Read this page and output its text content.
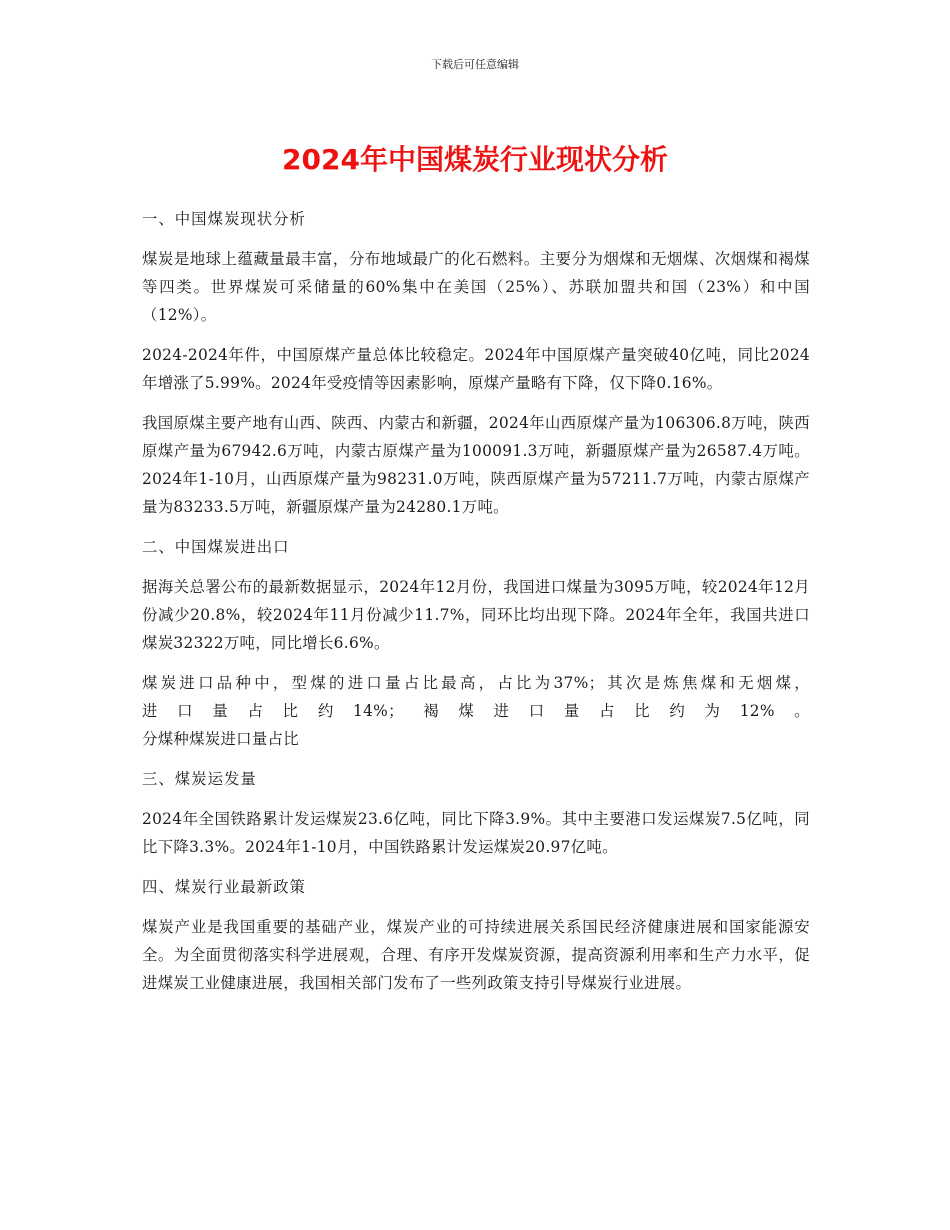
下载后可任意编辑
2024年中国煤炭行业现状分析
一、中国煤炭现状分析
煤炭是地球上蕴藏量最丰富，分布地域最广的化石燃料。主要分为烟煤和无烟煤、次烟煤和褐煤等四类。世界煤炭可采储量的60%集中在美国（25%）、苏联加盟共和国（23%）和中国（12%）。
2024-2024年件，中国原煤产量总体比较稳定。2024年中国原煤产量突破40亿吨，同比2024年增涨了5.99%。2024年受疫情等因素影响，原煤产量略有下降，仅下降0.16%。
我国原煤主要产地有山西、陕西、内蒙古和新疆，2024年山西原煤产量为106306.8万吨，陕西原煤产量为67942.6万吨，内蒙古原煤产量为100091.3万吨，新疆原煤产量为26587.4万吨。2024年1-10月，山西原煤产量为98231.0万吨，陕西原煤产量为57211.7万吨，内蒙古原煤产量为83233.5万吨，新疆原煤产量为24280.1万吨。
二、中国煤炭进出口
据海关总署公布的最新数据显示，2024年12月份，我国进口煤量为3095万吨，较2024年12月份减少20.8%，较2024年11月份减少11.7%，同环比均出现下降。2024年全年，我国共进口煤炭32322万吨，同比增长6.6%。
煤炭进口品种中，型煤的进口量占比最高，占比为37%；其次是炼焦煤和无烟煤，
进口量占比约14%；褐煤进口量占比约为12%。
分煤种煤炭进口量占比
三、煤炭运发量
2024年全国铁路累计发运煤炭23.6亿吨，同比下降3.9%。其中主要港口发运煤炭7.5亿吨，同比下降3.3%。2024年1-10月，中国铁路累计发运煤炭20.97亿吨。
四、煤炭行业最新政策
煤炭产业是我国重要的基础产业，煤炭产业的可持续进展关系国民经济健康进展和国家能源安全。为全面贯彻落实科学进展观，合理、有序开发煤炭资源，提高资源利用率和生产力水平，促进煤炭工业健康进展，我国相关部门发布了一些列政策支持引导煤炭行业进展。
